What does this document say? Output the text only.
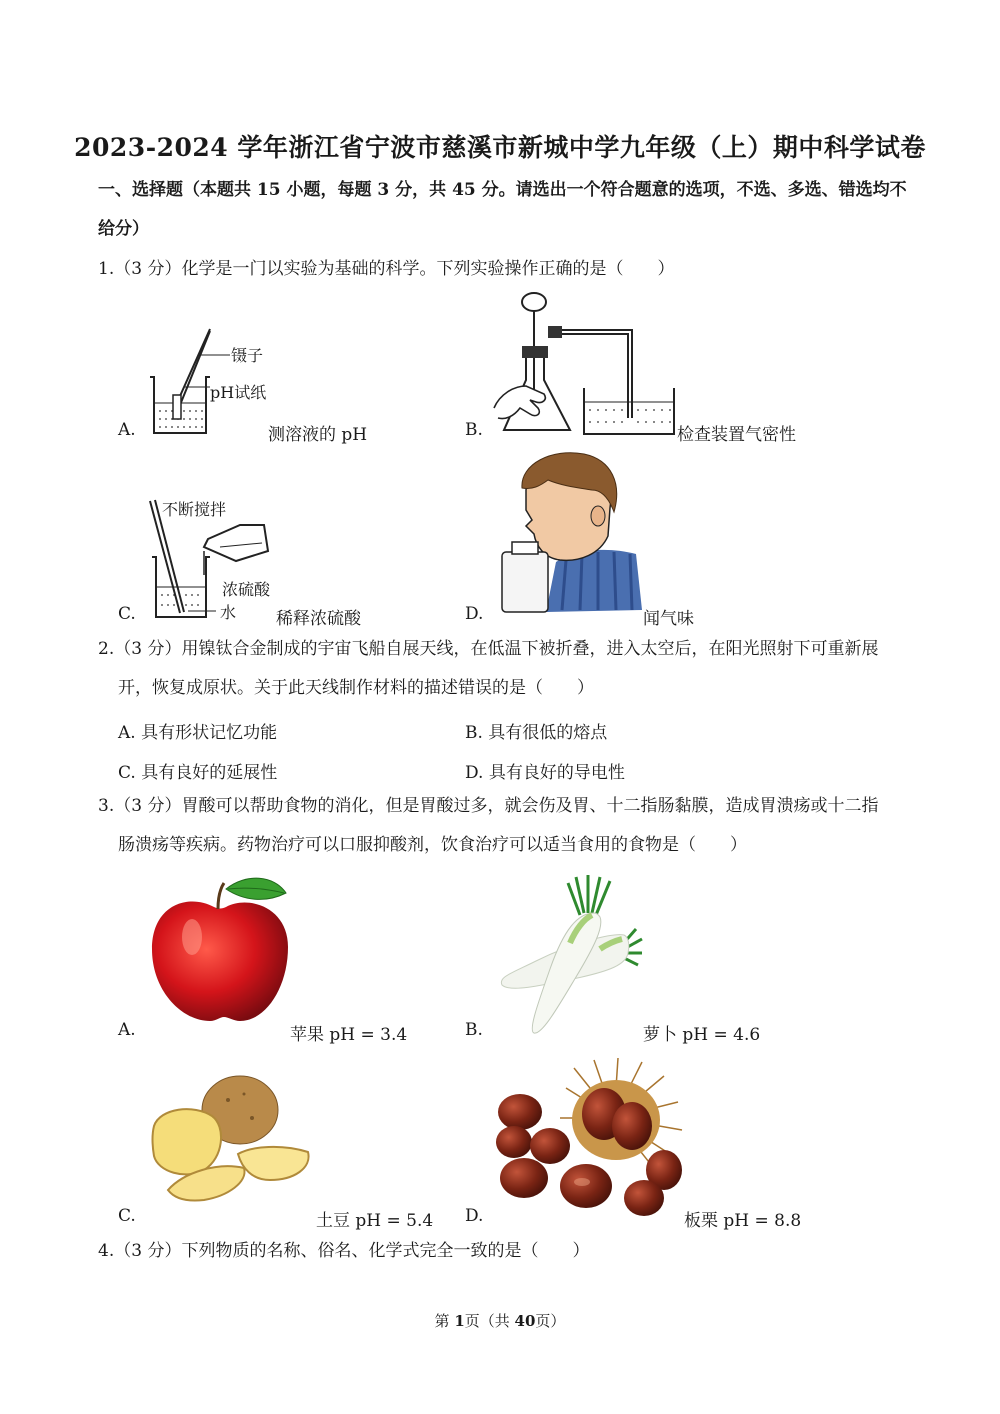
2023-2024 学年浙江省宁波市慈溪市新城中学九年级（上）期中科学试卷
一、选择题（本题共 15 小题，每题 3 分，共 45 分。请选出一个符合题意的选项，不选、多选、错选均不
给分）
1.（3 分）化学是一门以实验为基础的科学。下列实验操作正确的是（　　）
镊子
pH试纸
A.	测溶液的 pH	B.	检查装置气密性
不断搅拌
浓硫酸
水
C.	稀释浓硫酸	D.	闻气味
2.（3 分）用镍钛合金制成的宇宙飞船自展天线，在低温下被折叠，进入太空后，在阳光照射下可重新展
开，恢复成原状。关于此天线制作材料的描述错误的是（　　）
A. 具有形状记忆功能	B. 具有很低的熔点
C. 具有良好的延展性	D. 具有良好的导电性
3.（3 分）胃酸可以帮助食物的消化，但是胃酸过多，就会伤及胃、十二指肠黏膜，造成胃溃疡或十二指
肠溃疡等疾病。药物治疗可以口服抑酸剂，饮食治疗可以适当食用的食物是（　　）
A.	苹果 pH = 3.4	B.	萝卜 pH = 4.6
C.	土豆 pH = 5.4 D.	板栗 pH = 8.8
4.（3 分）下列物质的名称、俗名、化学式完全一致的是（　　）
第 1页（共 40页）
